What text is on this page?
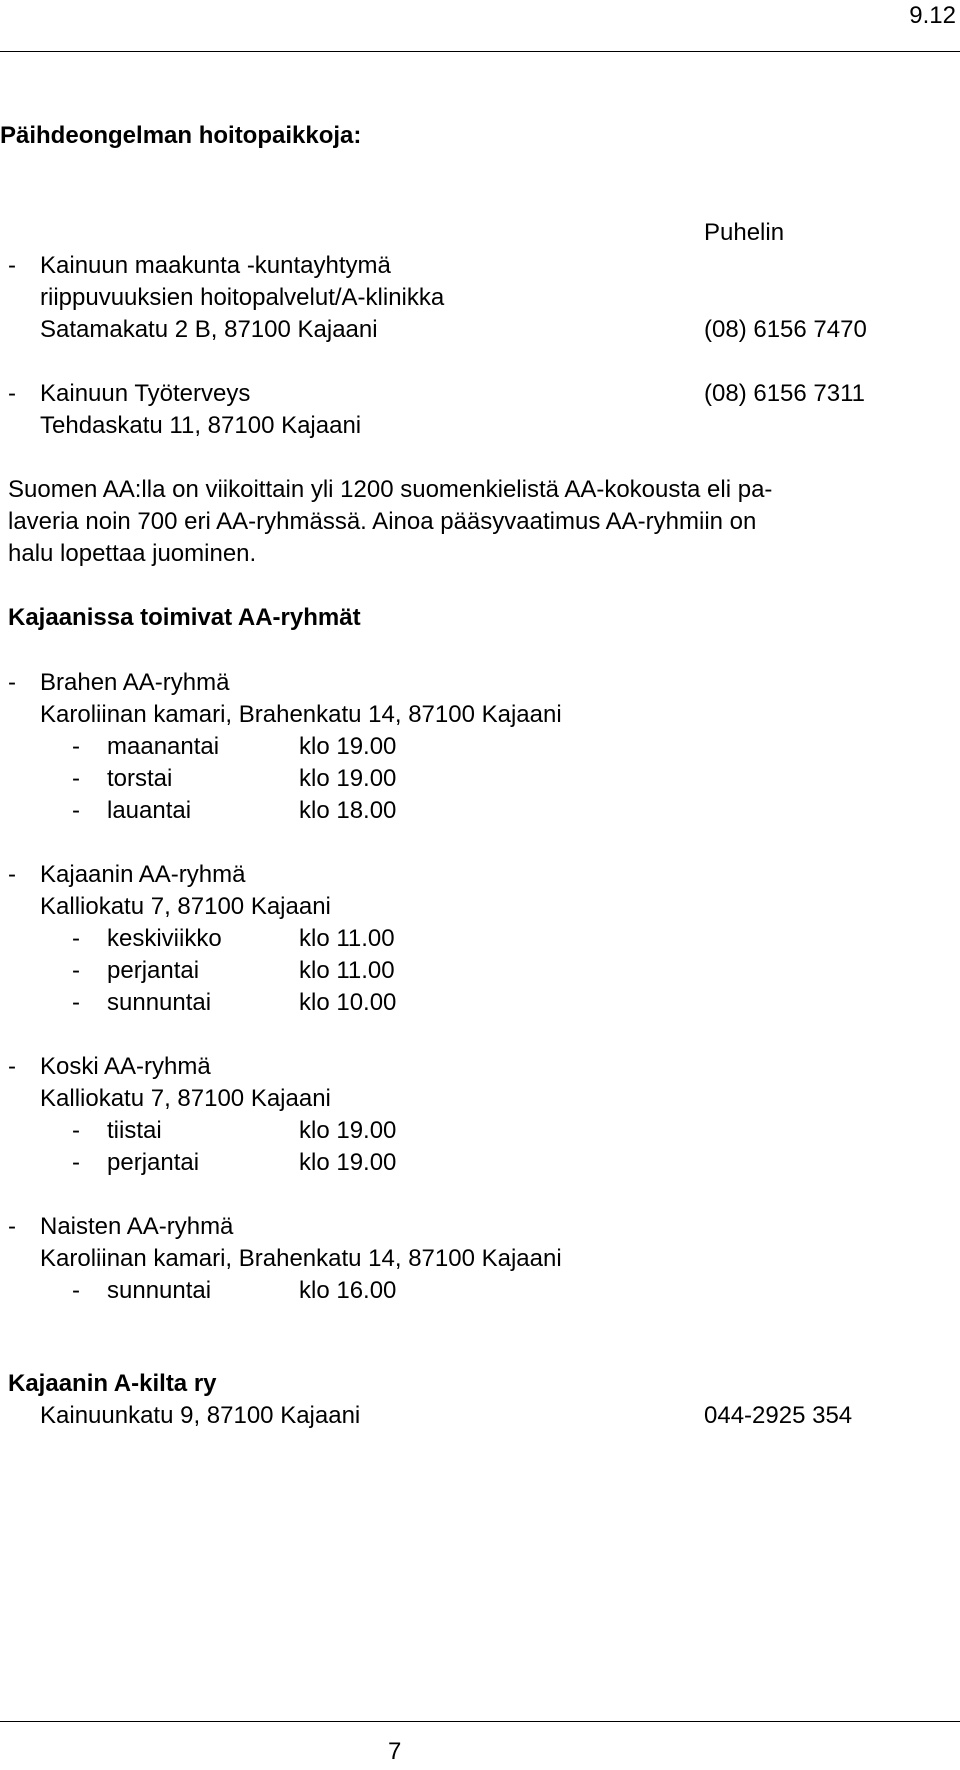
9.12
Päihdeongelman hoitopaikkoja:
Puhelin
- Kainuun maakunta -kuntayhtymä
riippuvuuksien hoitopalvelut/A-klinikka
Satamakatu 2 B, 87100 Kajaani	(08) 6156 7470
- Kainuun Työterveys	(08) 6156 7311
Tehdaskatu 11, 87100 Kajaani
Suomen AA:lla on viikoittain yli 1200 suomenkielistä AA-kokousta eli pa-
laveria noin 700 eri AA-ryhmässä. Ainoa pääsyvaatimus AA-ryhmiin on
halu lopettaa juominen.
Kajaanissa toimivat AA-ryhmät
- Brahen AA-ryhmä
Karoliinan kamari, Brahenkatu 14, 87100 Kajaani
- maanantai	klo 19.00
- torstai	klo 19.00
- lauantai	klo 18.00
- Kajaanin AA-ryhmä
Kalliokatu 7, 87100 Kajaani
- keskiviikko	klo 11.00
- perjantai	klo 11.00
- sunnuntai	klo 10.00
- Koski AA-ryhmä
Kalliokatu 7, 87100 Kajaani
- tiistai	klo 19.00
- perjantai	klo 19.00
- Naisten AA-ryhmä
Karoliinan kamari, Brahenkatu 14, 87100 Kajaani
- sunnuntai	klo 16.00
Kajaanin A-kilta ry
Kainuunkatu 9, 87100 Kajaani	044-2925 354
7
